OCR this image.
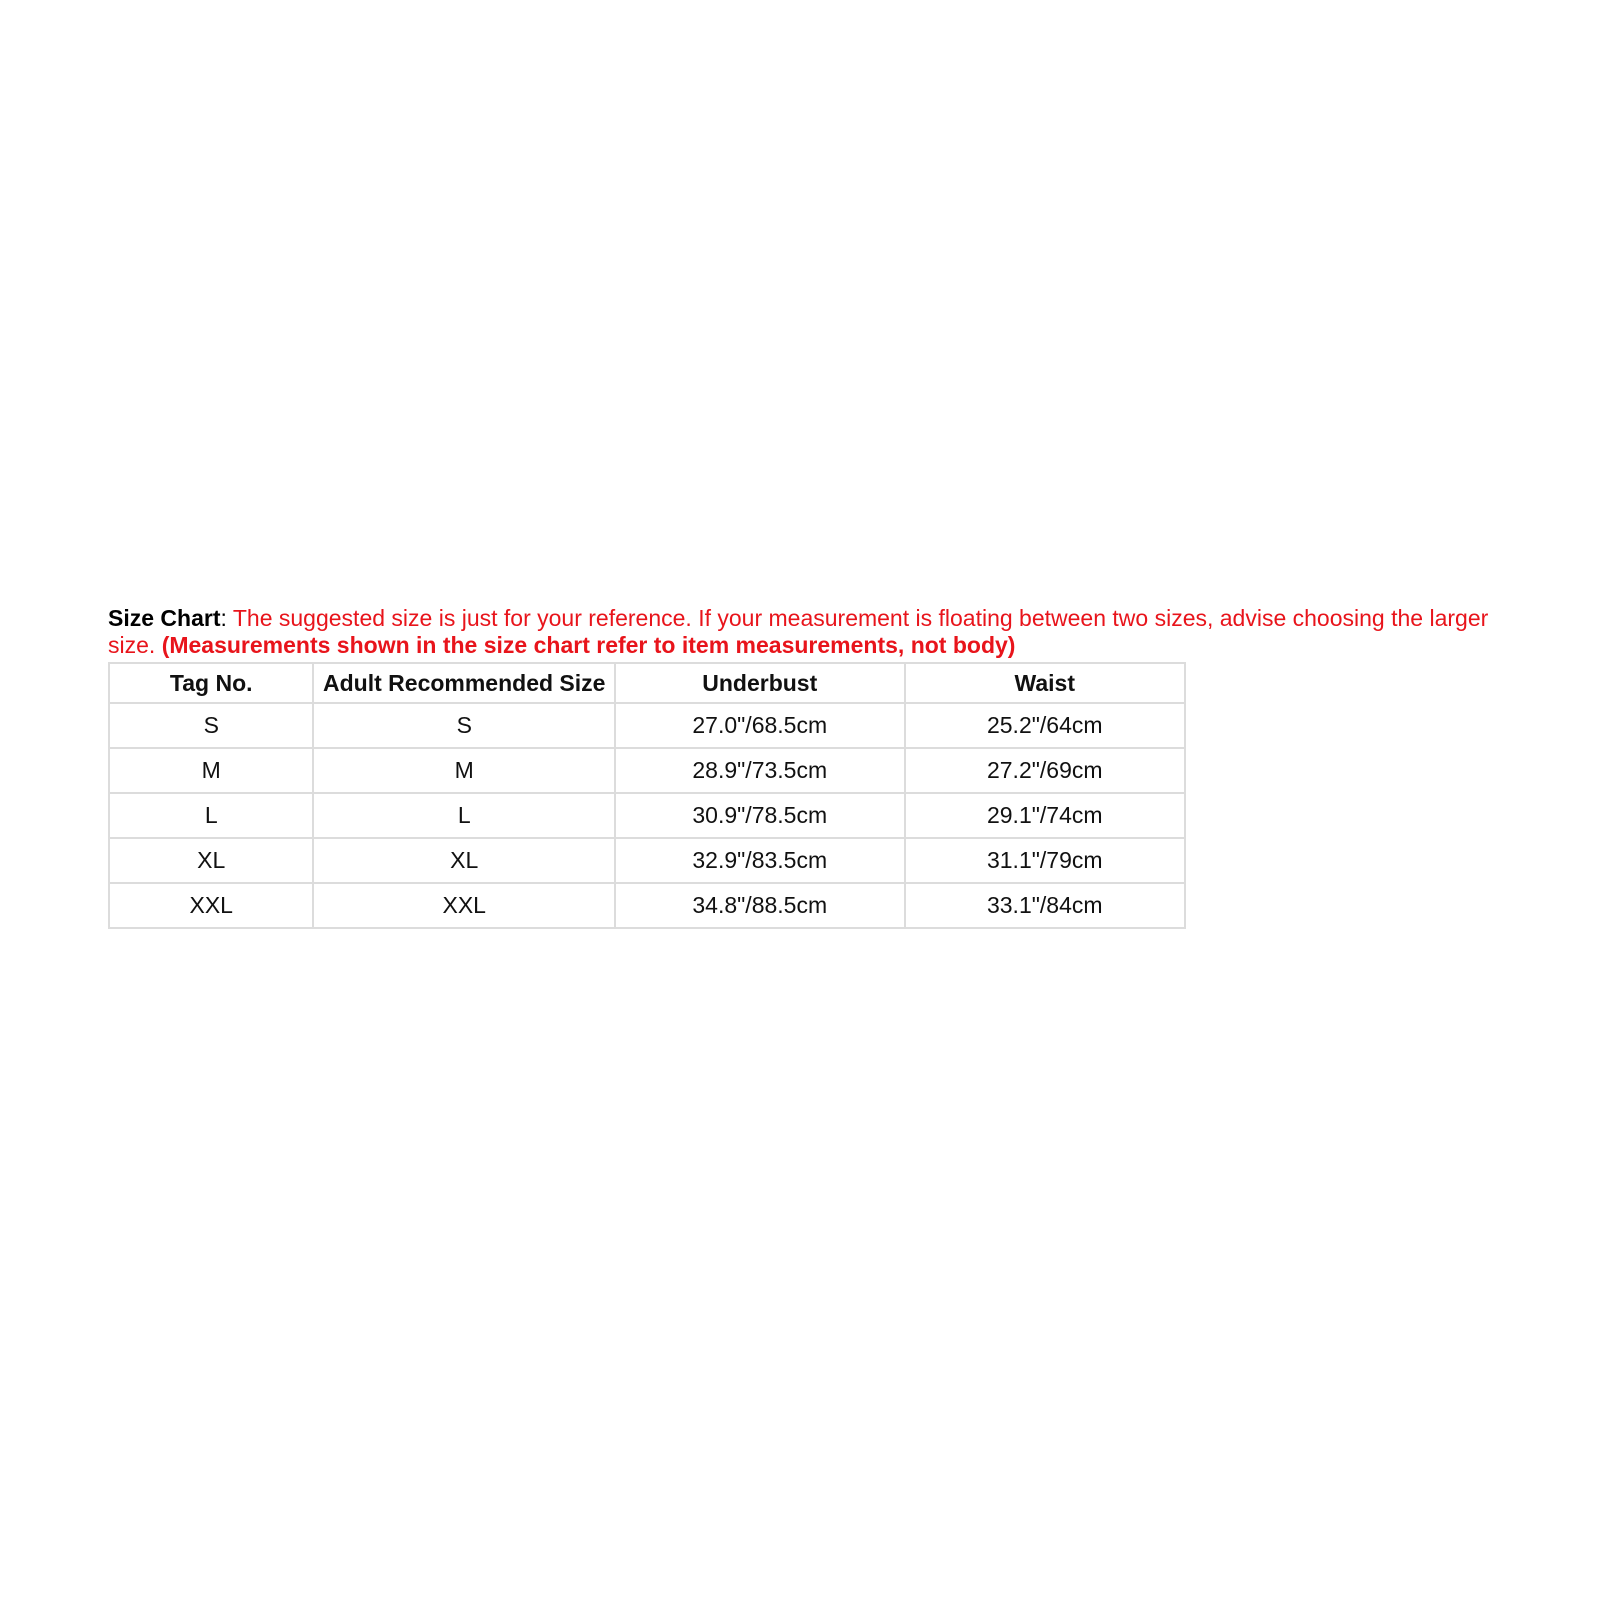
Size Chart: The suggested size is just for your reference. If your measurement is floating between two sizes, advise choosing the larger size. (Measurements shown in the size chart refer to item measurements, not body)

Tag No.	Adult Recommended Size	Underbust	Waist
S	S	27.0"/68.5cm	25.2"/64cm
M	M	28.9"/73.5cm	27.2"/69cm
L	L	30.9"/78.5cm	29.1"/74cm
XL	XL	32.9"/83.5cm	31.1"/79cm
XXL	XXL	34.8"/88.5cm	33.1"/84cm
